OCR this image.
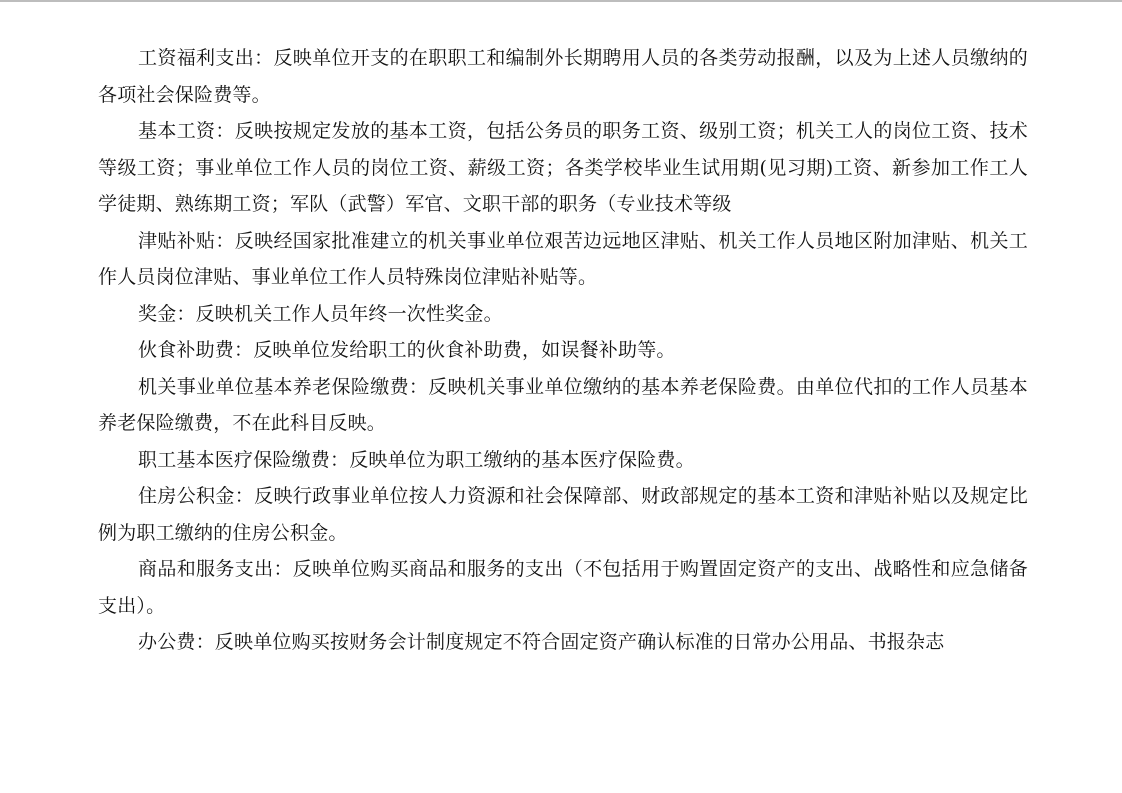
工资福利支出：反映单位开支的在职职工和编制外长期聘用人员的各类劳动报酬，以及为上述人员缴纳的各项社会保险费等。

基本工资：反映按规定发放的基本工资，包括公务员的职务工资、级别工资；机关工人的岗位工资、技术等级工资；事业单位工作人员的岗位工资、薪级工资；各类学校毕业生试用期(见习期)工资、新参加工作工人学徒期、熟练期工资；军队（武警）军官、文职干部的职务（专业技术等级

津贴补贴：反映经国家批准建立的机关事业单位艰苦边远地区津贴、机关工作人员地区附加津贴、机关工作人员岗位津贴、事业单位工作人员特殊岗位津贴补贴等。

奖金：反映机关工作人员年终一次性奖金。

伙食补助费：反映单位发给职工的伙食补助费，如误餐补助等。

机关事业单位基本养老保险缴费：反映机关事业单位缴纳的基本养老保险费。由单位代扣的工作人员基本养老保险缴费，不在此科目反映。

职工基本医疗保险缴费：反映单位为职工缴纳的基本医疗保险费。

住房公积金：反映行政事业单位按人力资源和社会保障部、财政部规定的基本工资和津贴补贴以及规定比例为职工缴纳的住房公积金。

商品和服务支出：反映单位购买商品和服务的支出（不包括用于购置固定资产的支出、战略性和应急储备支出）。

办公费：反映单位购买按财务会计制度规定不符合固定资产确认标准的日常办公用品、书报杂志
